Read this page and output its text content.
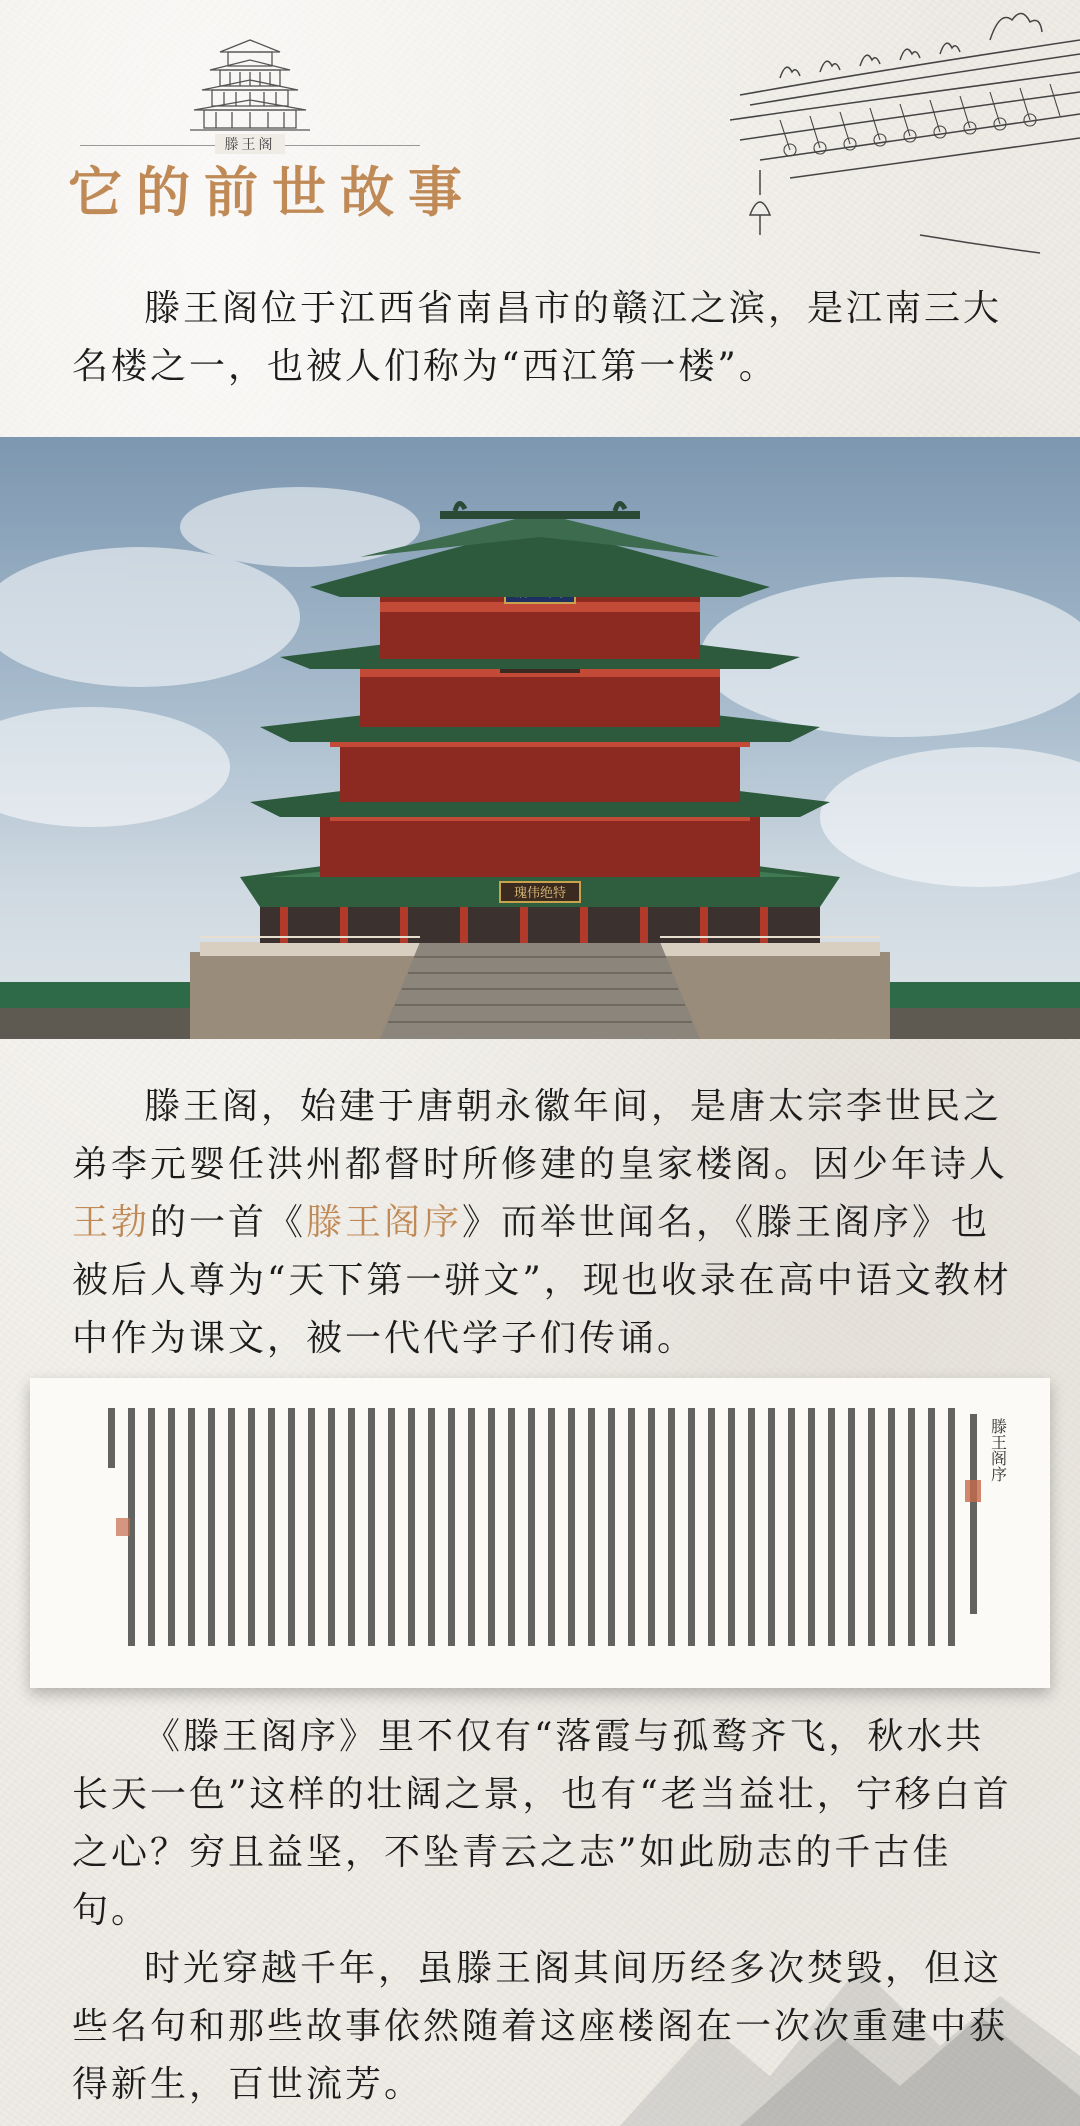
滕王阁
它的前世故事

滕王阁位于江西省南昌市的赣江之滨，是江南三大名楼之一，也被人们称为“西江第一楼”。

瑰伟绝特

滕王阁，始建于唐朝永徽年间，是唐太宗李世民之弟李元婴任洪州都督时所修建的皇家楼阁。因少年诗人王勃的一首《滕王阁序》而举世闻名，《滕王阁序》也被后人尊为“天下第一骈文”，现也收录在高中语文教材中作为课文，被一代代学子们传诵。

滕王阁序

《滕王阁序》里不仅有“落霞与孤鹜齐飞，秋水共长天一色”这样的壮阔之景，也有“老当益壮，宁移白首之心？穷且益坚，不坠青云之志”如此励志的千古佳句。

时光穿越千年，虽滕王阁其间历经多次焚毁，但这些名句和那些故事依然随着这座楼阁在一次次重建中获得新生，百世流芳。
